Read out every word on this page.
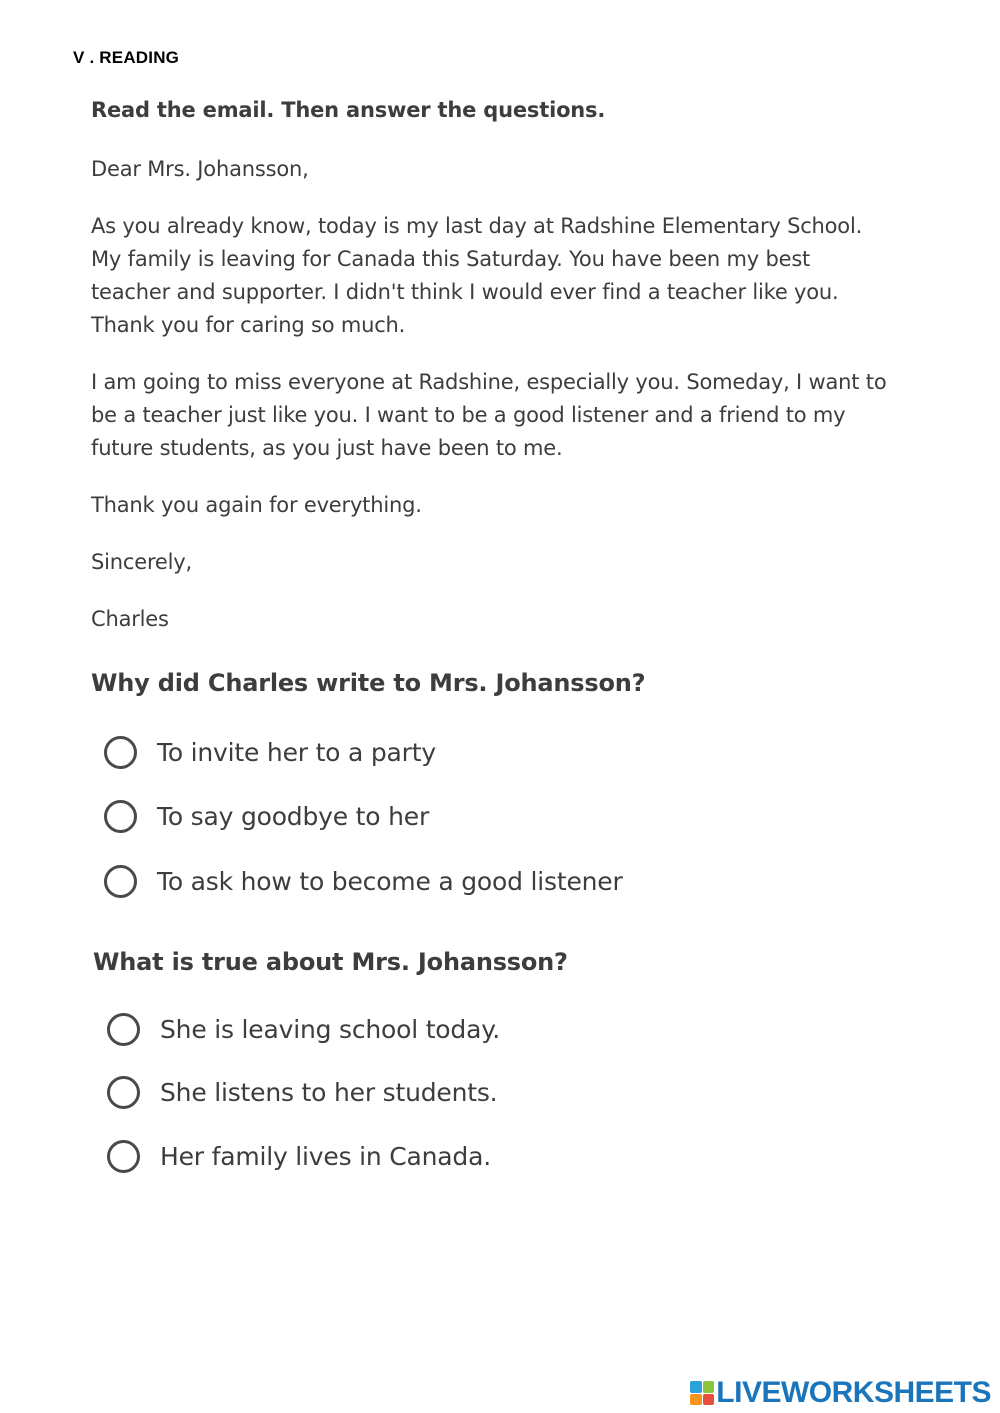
V . READING
Read the email. Then answer the questions.
Dear Mrs. Johansson,
As you already know, today is my last day at Radshine Elementary School. My family is leaving for Canada this Saturday. You have been my best teacher and supporter. I didn't think I would ever find a teacher like you. Thank you for caring so much.
I am going to miss everyone at Radshine, especially you. Someday, I want to be a teacher just like you. I want to be a good listener and a friend to my future students, as you just have been to me.
Thank you again for everything.
Sincerely,
Charles
Why did Charles write to Mrs. Johansson?
To invite her to a party
To say goodbye to her
To ask how to become a good listener
What is true about Mrs. Johansson?
She is leaving school today.
She listens to her students.
Her family lives in Canada.
LIVEWORKSHEETS
